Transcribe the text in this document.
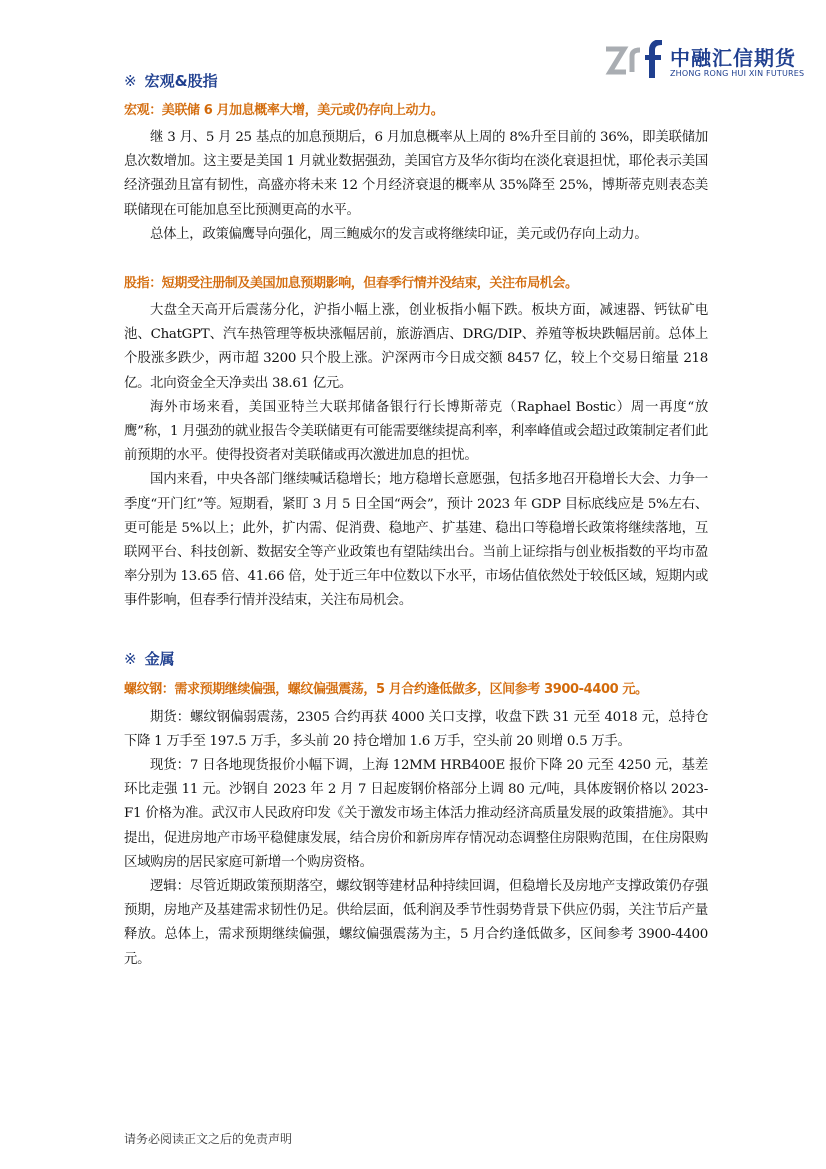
中融汇信期货
ZHONG RONG HUI XIN FUTURES
※ 宏观&股指
宏观：美联储 6 月加息概率大增，美元或仍存向上动力。
继 3 月、5 月 25 基点的加息预期后，6 月加息概率从上周的 8%升至目前的 36%，即美联储加息次数增加。这主要是美国 1 月就业数据强劲，美国官方及华尔街均在淡化衰退担忧，耶伦表示美国经济强劲且富有韧性，高盛亦将未来 12 个月经济衰退的概率从 35%降至 25%，博斯蒂克则表态美联储现在可能加息至比预测更高的水平。
总体上，政策偏鹰导向强化，周三鲍威尔的发言或将继续印证，美元或仍存向上动力。
股指：短期受注册制及美国加息预期影响，但春季行情并没结束，关注布局机会。
大盘全天高开后震荡分化，沪指小幅上涨，创业板指小幅下跌。板块方面，减速器、钙钛矿电池、ChatGPT、汽车热管理等板块涨幅居前，旅游酒店、DRG/DIP、养殖等板块跌幅居前。总体上个股涨多跌少，两市超 3200 只个股上涨。沪深两市今日成交额 8457 亿，较上个交易日缩量 218 亿。北向资金全天净卖出 38.61 亿元。
海外市场来看，美国亚特兰大联邦储备银行行长博斯蒂克（Raphael Bostic）周一再度“放鹰”称，1 月强劲的就业报告令美联储更有可能需要继续提高利率，利率峰值或会超过政策制定者们此前预期的水平。使得投资者对美联储或再次激进加息的担忧。
国内来看，中央各部门继续喊话稳增长；地方稳增长意愿强，包括多地召开稳增长大会、力争一季度“开门红”等。短期看，紧盯 3 月 5 日全国“两会”，预计 2023 年 GDP 目标底线应是 5%左右、更可能是 5%以上；此外，扩内需、促消费、稳地产、扩基建、稳出口等稳增长政策将继续落地，互联网平台、科技创新、数据安全等产业政策也有望陆续出台。当前上证综指与创业板指数的平均市盈率分别为 13.65 倍、41.66 倍，处于近三年中位数以下水平，市场估值依然处于较低区域，短期内或事件影响，但春季行情并没结束，关注布局机会。
※ 金属
螺纹钢：需求预期继续偏强，螺纹偏强震荡，5 月合约逢低做多，区间参考 3900-4400 元。
期货：螺纹钢偏弱震荡，2305 合约再获 4000 关口支撑，收盘下跌 31 元至 4018 元，总持仓下降 1 万手至 197.5 万手，多头前 20 持仓增加 1.6 万手，空头前 20 则增 0.5 万手。
现货：7 日各地现货报价小幅下调，上海 12MM HRB400E 报价下降 20 元至 4250 元，基差环比走强 11 元。沙钢自 2023 年 2 月 7 日起废钢价格部分上调 80 元/吨，具体废钢价格以 2023-F1 价格为准。武汉市人民政府印发《关于激发市场主体活力推动经济高质量发展的政策措施》。其中提出，促进房地产市场平稳健康发展，结合房价和新房库存情况动态调整住房限购范围，在住房限购区域购房的居民家庭可新增一个购房资格。
逻辑：尽管近期政策预期落空，螺纹钢等建材品种持续回调，但稳增长及房地产支撑政策仍存强预期，房地产及基建需求韧性仍足。供给层面，低利润及季节性弱势背景下供应仍弱，关注节后产量释放。总体上，需求预期继续偏强，螺纹偏强震荡为主，5 月合约逢低做多，区间参考 3900-4400 元。
请务必阅读正文之后的免责声明
